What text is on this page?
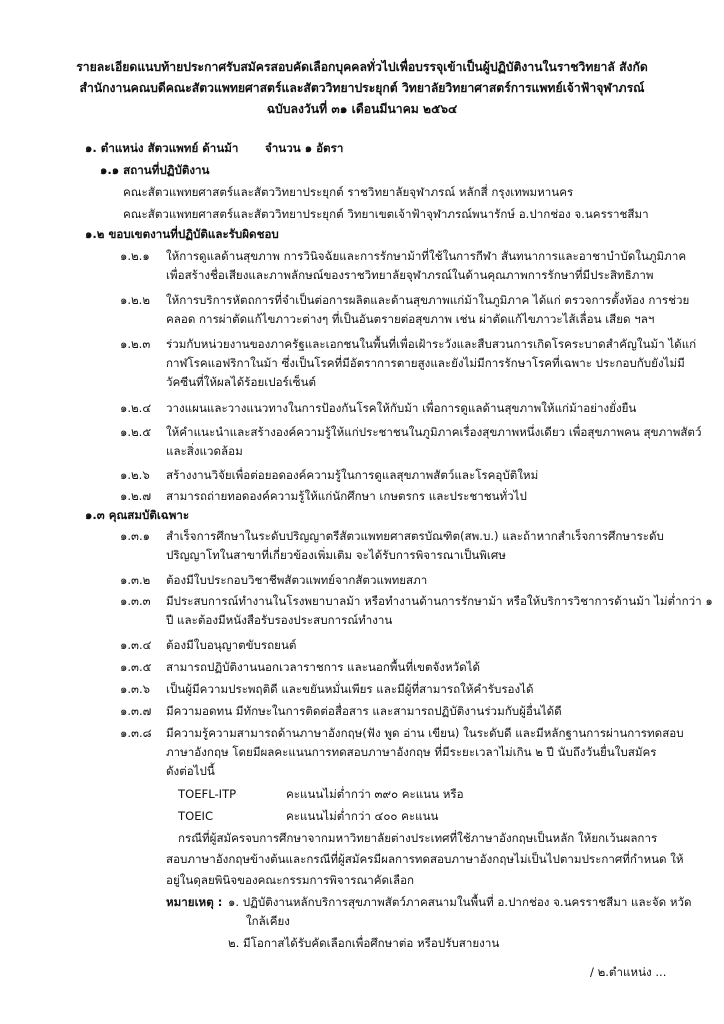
รายละเอียดแนบท้ายประกาศรับสมัครสอบคัดเลือกบุคคลทั่วไปเพื่อบรรจุเข้าเป็นผู้ปฏิบัติงานในราชวิทยาลั สังกัด
สำนักงานคณบดีคณะสัตวแพทยศาสตร์และสัตววิทยาประยุกต์ วิทยาลัยวิทยาศาสตร์การแพทย์เจ้าฟ้าจุฬาภรณ์
ฉบับลงวันที่ ๓๑ เดือนมีนาคม ๒๕๖๔
๑. ตำแหน่ง สัตวแพทย์ ด้านม้า จำนวน ๑ อัตรา
๑.๑ สถานที่ปฏิบัติงาน
คณะสัตวแพทยศาสตร์และสัตววิทยาประยุกต์ ราชวิทยาลัยจุฬาภรณ์ หลักสี่ กรุงเทพมหานคร
คณะสัตวแพทยศาสตร์และสัตววิทยาประยุกต์ วิทยาเขตเจ้าฟ้าจุฬาภรณ์พนารักษ์ อ.ปากช่อง จ.นครราชสีมา
๑.๒ ขอบเขตงานที่ปฏิบัติและรับผิดชอบ
๑.๒.๑ ให้การดูแลด้านสุขภาพ การวินิจฉัยและการรักษาม้าที่ใช้ในการกีฬา สันทนาการและอาชาบำบัดในภูมิภาค
เพื่อสร้างชื่อเสียงและภาพลักษณ์ของราชวิทยาลัยจุฬาภรณ์ในด้านคุณภาพการรักษาที่มีประสิทธิภาพ
๑.๒.๒ ให้การบริการหัตถการที่จำเป็นต่อการผลิตและด้านสุขภาพแก่ม้าในภูมิภาค ได้แก่ ตรวจการตั้งท้อง การช่วย
คลอด การผ่าตัดแก้ไขภาวะต่างๆ ที่เป็นอันตรายต่อสุขภาพ เช่น ผ่าตัดแก้ไขภาวะไส้เลื่อน เสียด ฯลฯ
๑.๒.๓ ร่วมกับหน่วยงานของภาครัฐและเอกชนในพื้นที่เพื่อเฝ้าระวังและสืบสวนการเกิดโรคระบาดสำคัญในม้า ได้แก่
กาฬโรคแอฟริกาในม้า ซึ่งเป็นโรคที่มีอัตราการตายสูงและยังไม่มีการรักษาโรคที่เฉพาะ ประกอบกับยังไม่มี
วัคซีนที่ให้ผลได้ร้อยเปอร์เซ็นต์
๑.๒.๔ วางแผนและวางแนวทางในการป้องกันโรคให้กับม้า เพื่อการดูแลด้านสุขภาพให้แก่ม้าอย่างยั่งยืน
๑.๒.๕ ให้คำแนะนำและสร้างองค์ความรู้ให้แก่ประชาชนในภูมิภาคเรื่องสุขภาพหนึ่งเดียว เพื่อสุขภาพคน สุขภาพสัตว์
และสิ่งแวดล้อม
๑.๒.๖ สร้างงานวิจัยเพื่อต่อยอดองค์ความรู้ในการดูแลสุขภาพสัตว์และโรคอุบัติใหม่
๑.๒.๗ สามารถถ่ายทอดองค์ความรู้ให้แก่นักศึกษา เกษตรกร และประชาชนทั่วไป
๑.๓ คุณสมบัติเฉพาะ
๑.๓.๑ สำเร็จการศึกษาในระดับปริญญาตรีสัตวแพทยศาสตรบัณฑิต(สพ.บ.) และถ้าหากสำเร็จการศึกษาระดับ
ปริญญาโทในสาขาที่เกี่ยวข้องเพิ่มเติม จะได้รับการพิจารณาเป็นพิเศษ
๑.๓.๒ ต้องมีใบประกอบวิชาชีพสัตวแพทย์จากสัตวแพทยสภา
๑.๓.๓ มีประสบการณ์ทำงานในโรงพยาบาลม้า หรือทำงานด้านการรักษาม้า หรือให้บริการวิชาการด้านม้า ไม่ต่ำกว่า ๑
ปี และต้องมีหนังสือรับรองประสบการณ์ทำงาน
๑.๓.๔ ต้องมีใบอนุญาตขับรถยนต์
๑.๓.๕ สามารถปฏิบัติงานนอกเวลาราชการ และนอกพื้นที่เขตจังหวัดได้
๑.๓.๖ เป็นผู้มีความประพฤติดี และขยันหมั่นเพียร และมีผู้ที่สามารถให้คำรับรองได้
๑.๓.๗ มีความอดทน มีทักษะในการติดต่อสื่อสาร และสามารถปฏิบัติงานร่วมกับผู้อื่นได้ดี
๑.๓.๘ มีความรู้ความสามารถด้านภาษาอังกฤษ(ฟัง พูด อ่าน เขียน) ในระดับดี และมีหลักฐานการผ่านการทดสอบ
ภาษาอังกฤษ โดยมีผลคะแนนการทดสอบภาษาอังกฤษ ที่มีระยะเวลาไม่เกิน ๒ ปี นับถึงวันยื่นใบสมัคร
ดังต่อไปนี้
TOEFL-ITP	คะแนนไม่ต่ำกว่า ๓๙๐ คะแนน หรือ
TOEIC	คะแนนไม่ต่ำกว่า ๔๐๐ คะแนน
กรณีที่ผู้สมัครจบการศึกษาจากมหาวิทยาลัยต่างประเทศที่ใช้ภาษาอังกฤษเป็นหลัก ให้ยกเว้นผลการ
สอบภาษาอังกฤษข้างต้นและกรณีที่ผู้สมัครมีผลการทดสอบภาษาอังกฤษไม่เป็นไปตามประกาศที่กำหนด ให้
อยู่ในดุลยพินิจของคณะกรรมการพิจารณาคัดเลือก
หมายเหตุ : ๑. ปฏิบัติงานหลักบริการสุขภาพสัตว์ภาคสนามในพื้นที่ อ.ปากช่อง จ.นครราชสีมา และจัด หวัด
ใกล้เคียง
๒. มีโอกาสได้รับคัดเลือกเพื่อศึกษาต่อ หรือปรับสายงาน
/ ๒.ตำแหน่ง ...
